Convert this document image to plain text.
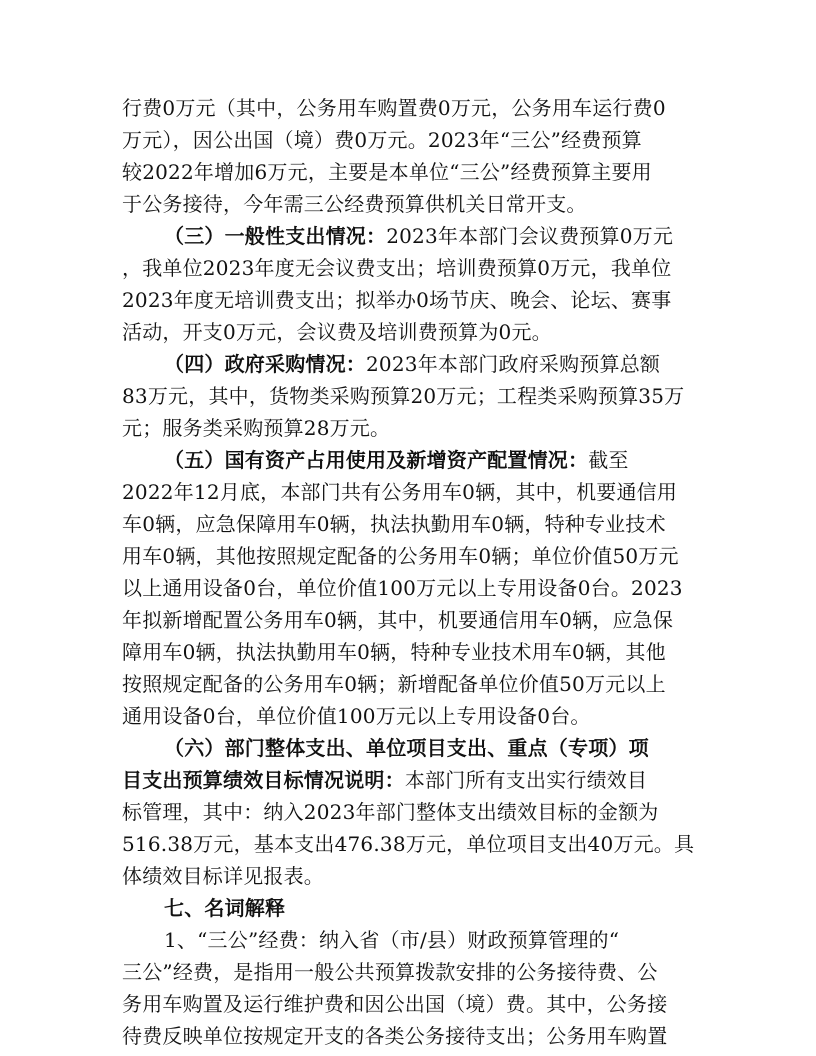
行费0万元（其中，公务用车购置费0万元，公务用车运行费0
万元），因公出国（境）费0万元。2023年“三公”经费预算
较2022年增加6万元，主要是本单位“三公”经费预算主要用
于公务接待，今年需三公经费预算供机关日常开支。
（三）一般性支出情况：2023年本部门会议费预算0万元
，我单位2023年度无会议费支出；培训费预算0万元，我单位
2023年度无培训费支出；拟举办0场节庆、晚会、论坛、赛事
活动，开支0万元，会议费及培训费预算为0元。
（四）政府采购情况：2023年本部门政府采购预算总额
83万元，其中，货物类采购预算20万元；工程类采购预算35万
元；服务类采购预算28万元。
（五）国有资产占用使用及新增资产配置情况：截至
2022年12月底，本部门共有公务用车0辆，其中，机要通信用
车0辆，应急保障用车0辆，执法执勤用车0辆，特种专业技术
用车0辆，其他按照规定配备的公务用车0辆；单位价值50万元
以上通用设备0台，单位价值100万元以上专用设备0台。2023
年拟新增配置公务用车0辆，其中，机要通信用车0辆，应急保
障用车0辆，执法执勤用车0辆，特种专业技术用车0辆，其他
按照规定配备的公务用车0辆；新增配备单位价值50万元以上
通用设备0台，单位价值100万元以上专用设备0台。
（六）部门整体支出、单位项目支出、重点（专项）项
目支出预算绩效目标情况说明：本部门所有支出实行绩效目
标管理，其中：纳入2023年部门整体支出绩效目标的金额为
516.38万元，基本支出476.38万元，单位项目支出40万元。具
体绩效目标详见报表。
七、名词解释
1、“三公”经费：纳入省（市/县）财政预算管理的“
三公”经费，是指用一般公共预算拨款安排的公务接待费、公
务用车购置及运行维护费和因公出国（境）费。其中，公务接
待费反映单位按规定开支的各类公务接待支出；公务用车购置
